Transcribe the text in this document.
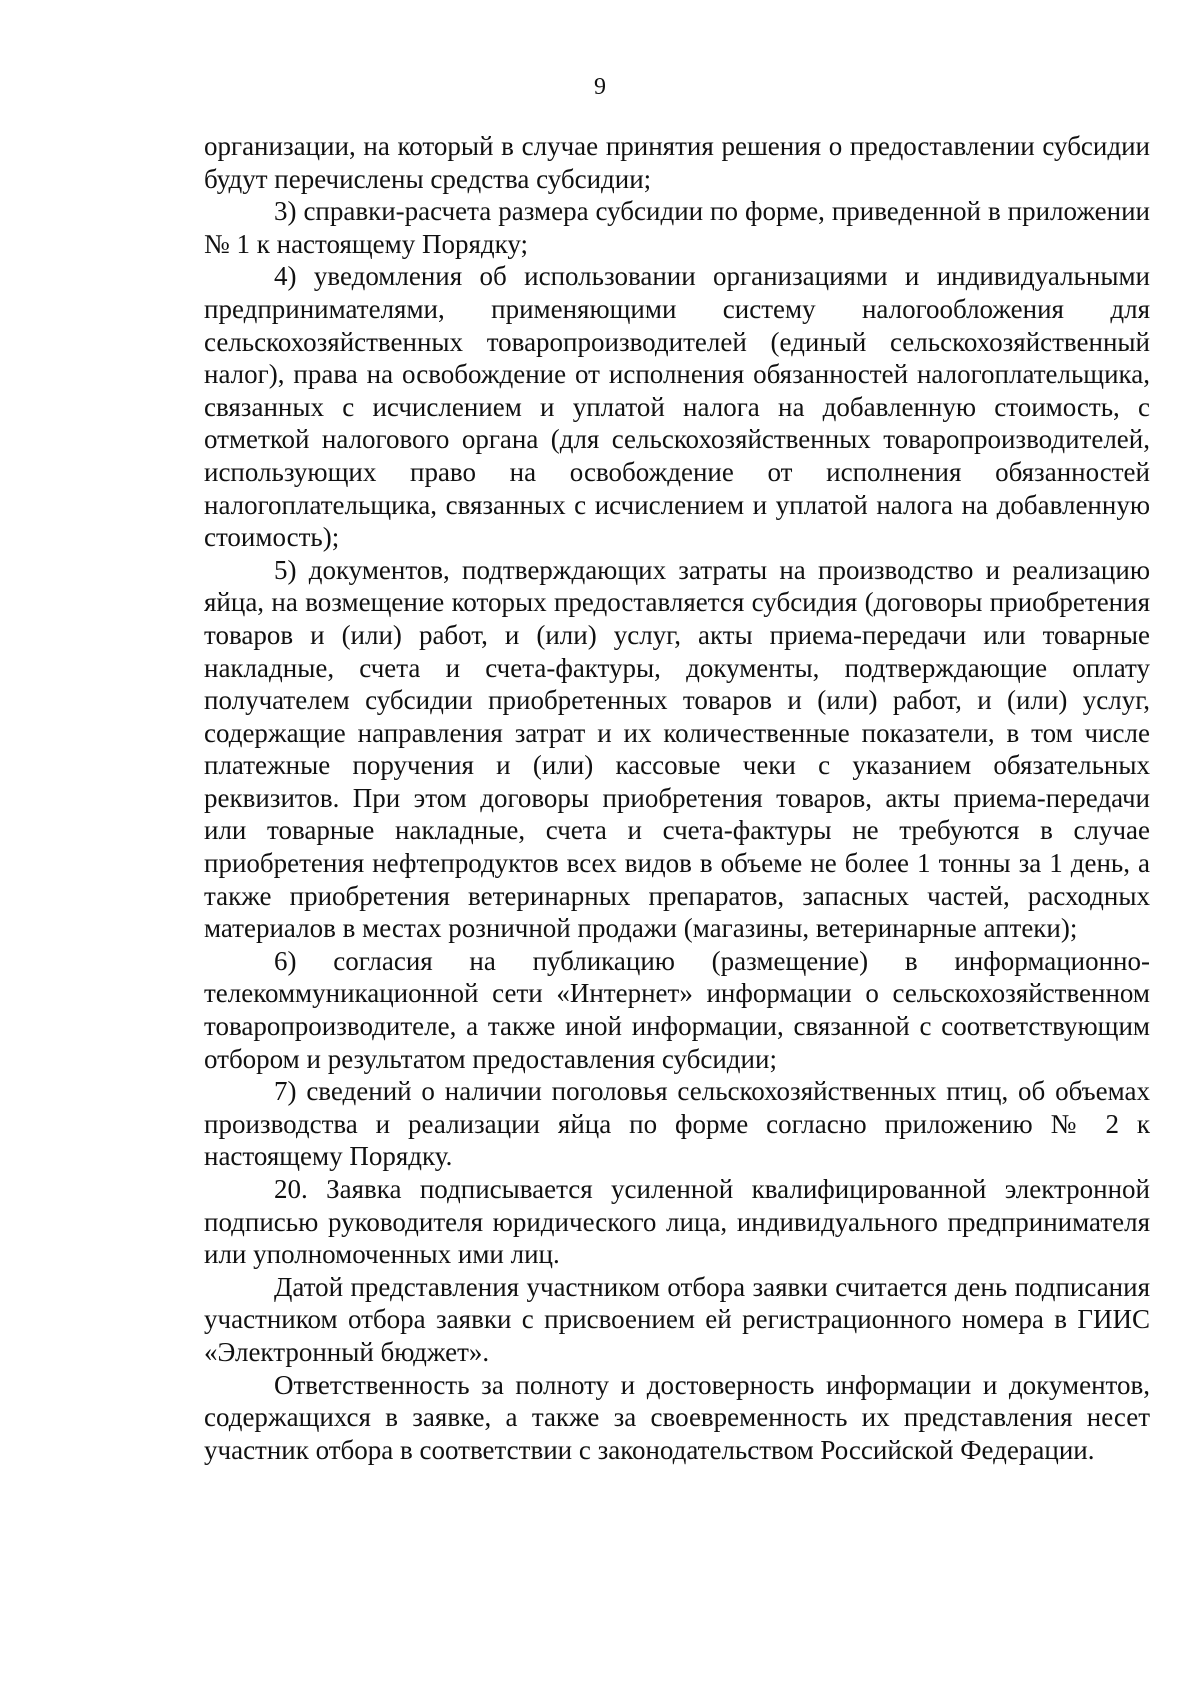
9

организации, на который в случае принятия решения о предоставлении субсидии будут перечислены средства субсидии;

3) справки-расчета размера субсидии по форме, приведенной в приложении № 1 к настоящему Порядку;

4) уведомления об использовании организациями и индивидуальными предпринимателями, применяющими систему налогообложения для сельскохозяйственных товаропроизводителей (единый сельскохозяйственный налог), права на освобождение от исполнения обязанностей налогоплательщика, связанных с исчислением и уплатой налога на добавленную стоимость, с отметкой налогового органа (для сельскохозяйственных товаропроизводителей, использующих право на освобождение от исполнения обязанностей налогоплательщика, связанных с исчислением и уплатой налога на добавленную стоимость);

5) документов, подтверждающих затраты на производство и реализацию яйца, на возмещение которых предоставляется субсидия (договоры приобретения товаров и (или) работ, и (или) услуг, акты приема-передачи или товарные накладные, счета и счета-фактуры, документы, подтверждающие оплату получателем субсидии приобретенных товаров и (или) работ, и (или) услуг, содержащие направления затрат и их количественные показатели, в том числе платежные поручения и (или) кассовые чеки с указанием обязательных реквизитов. При этом договоры приобретения товаров, акты приема-передачи или товарные накладные, счета и счета-фактуры не требуются в случае приобретения нефтепродуктов всех видов в объеме не более 1 тонны за 1 день, а также приобретения ветеринарных препаратов, запасных частей, расходных материалов в местах розничной продажи (магазины, ветеринарные аптеки);

6) согласия на публикацию (размещение) в информационно-телекоммуникационной сети «Интернет» информации о сельскохозяйственном товаропроизводителе, а также иной информации, связанной с соответствующим отбором и результатом предоставления субсидии;

7) сведений о наличии поголовья сельскохозяйственных птиц, об объемах производства и реализации яйца по форме согласно приложению № 2 к настоящему Порядку.

20. Заявка подписывается усиленной квалифицированной электронной подписью руководителя юридического лица, индивидуального предпринимателя или уполномоченных ими лиц.

Датой представления участником отбора заявки считается день подписания участником отбора заявки с присвоением ей регистрационного номера в ГИИС «Электронный бюджет».

Ответственность за полноту и достоверность информации и документов, содержащихся в заявке, а также за своевременность их представления несет участник отбора в соответствии с законодательством Российской Федерации.
